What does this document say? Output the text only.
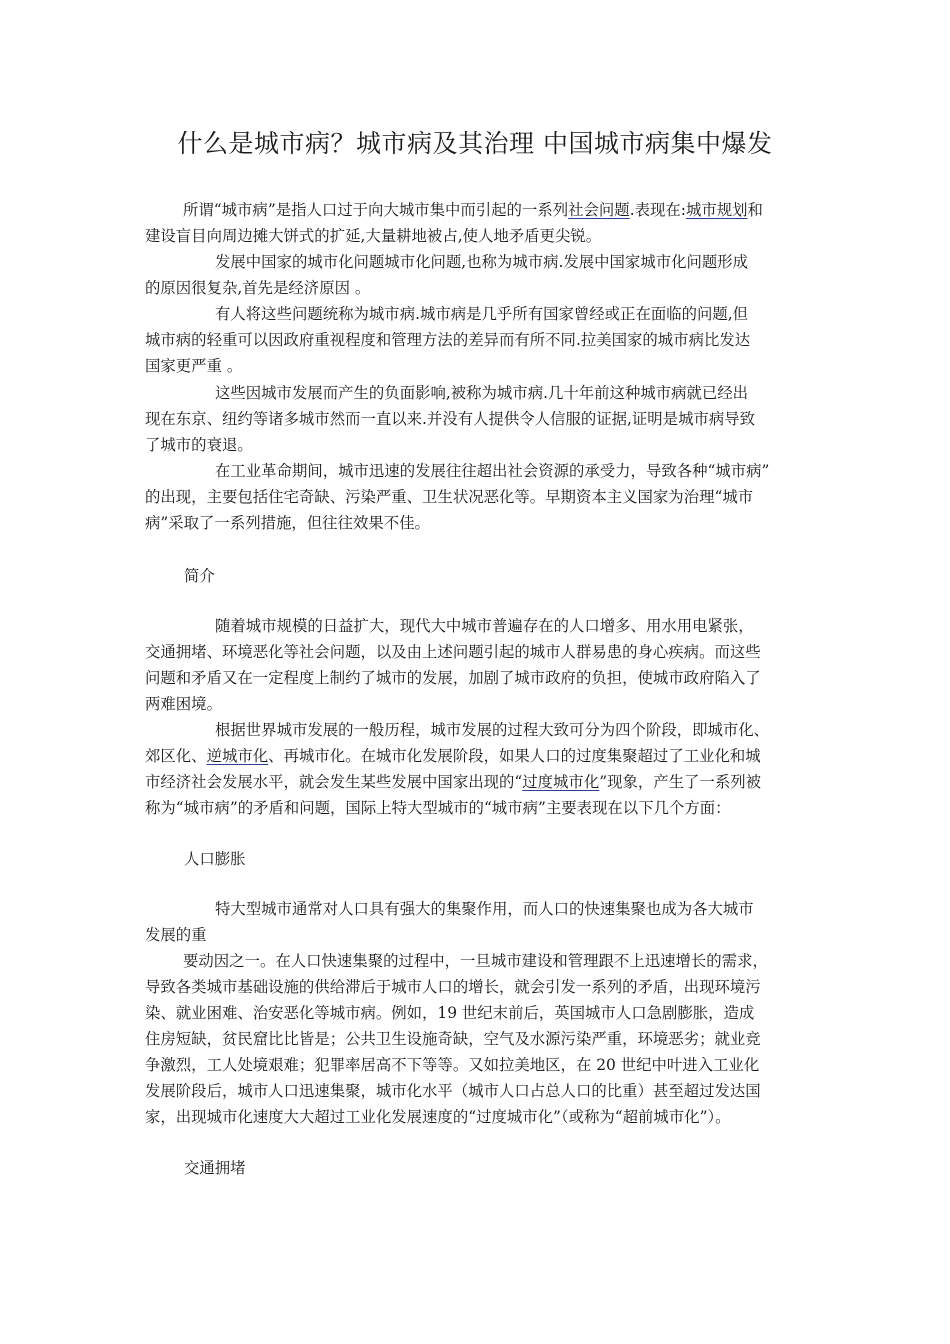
什么是城市病？城市病及其治理 中国城市病集中爆发
所谓“城市病”是指人口过于向大城市集中而引起的一系列社会问题.表现在:城市规划和
建设盲目向周边摊大饼式的扩延,大量耕地被占,使人地矛盾更尖锐。
发展中国家的城市化问题城市化问题,也称为城市病.发展中国家城市化问题形成
的原因很复杂,首先是经济原因 。
有人将这些问题统称为城市病.城市病是几乎所有国家曾经或正在面临的问题,但
城市病的轻重可以因政府重视程度和管理方法的差异而有所不同.拉美国家的城市病比发达
国家更严重 。
这些因城市发展而产生的负面影响,被称为城市病.几十年前这种城市病就已经出
现在东京、纽约等诸多城市然而一直以来.并没有人提供令人信服的证据,证明是城市病导致
了城市的衰退。
在工业革命期间，城市迅速的发展往往超出社会资源的承受力，导致各种“城市病”
的出现，主要包括住宅奇缺、污染严重、卫生状况恶化等。早期资本主义国家为治理“城市
病”采取了一系列措施，但往往效果不佳。

简介

随着城市规模的日益扩大，现代大中城市普遍存在的人口增多、用水用电紧张，
交通拥堵、环境恶化等社会问题，以及由上述问题引起的城市人群易患的身心疾病。而这些
问题和矛盾又在一定程度上制约了城市的发展，加剧了城市政府的负担，使城市政府陷入了
两难困境。
根据世界城市发展的一般历程，城市发展的过程大致可分为四个阶段，即城市化、
郊区化、逆城市化、再城市化。在城市化发展阶段，如果人口的过度集聚超过了工业化和城
市经济社会发展水平，就会发生某些发展中国家出现的“过度城市化”现象，产生了一系列被
称为“城市病”的矛盾和问题，国际上特大型城市的“城市病”主要表现在以下几个方面：

人口膨胀

特大型城市通常对人口具有强大的集聚作用，而人口的快速集聚也成为各大城市
发展的重
要动因之一。在人口快速集聚的过程中，一旦城市建设和管理跟不上迅速增长的需求，
导致各类城市基础设施的供给滞后于城市人口的增长，就会引发一系列的矛盾，出现环境污
染、就业困难、治安恶化等城市病。例如，19 世纪末前后，英国城市人口急剧膨胀，造成
住房短缺，贫民窟比比皆是；公共卫生设施奇缺，空气及水源污染严重，环境恶劣；就业竞
争激烈，工人处境艰难；犯罪率居高不下等等。又如拉美地区，在 20 世纪中叶进入工业化
发展阶段后，城市人口迅速集聚，城市化水平（城市人口占总人口的比重）甚至超过发达国
家，出现城市化速度大大超过工业化发展速度的“过度城市化”（或称为“超前城市化”）。

交通拥堵
